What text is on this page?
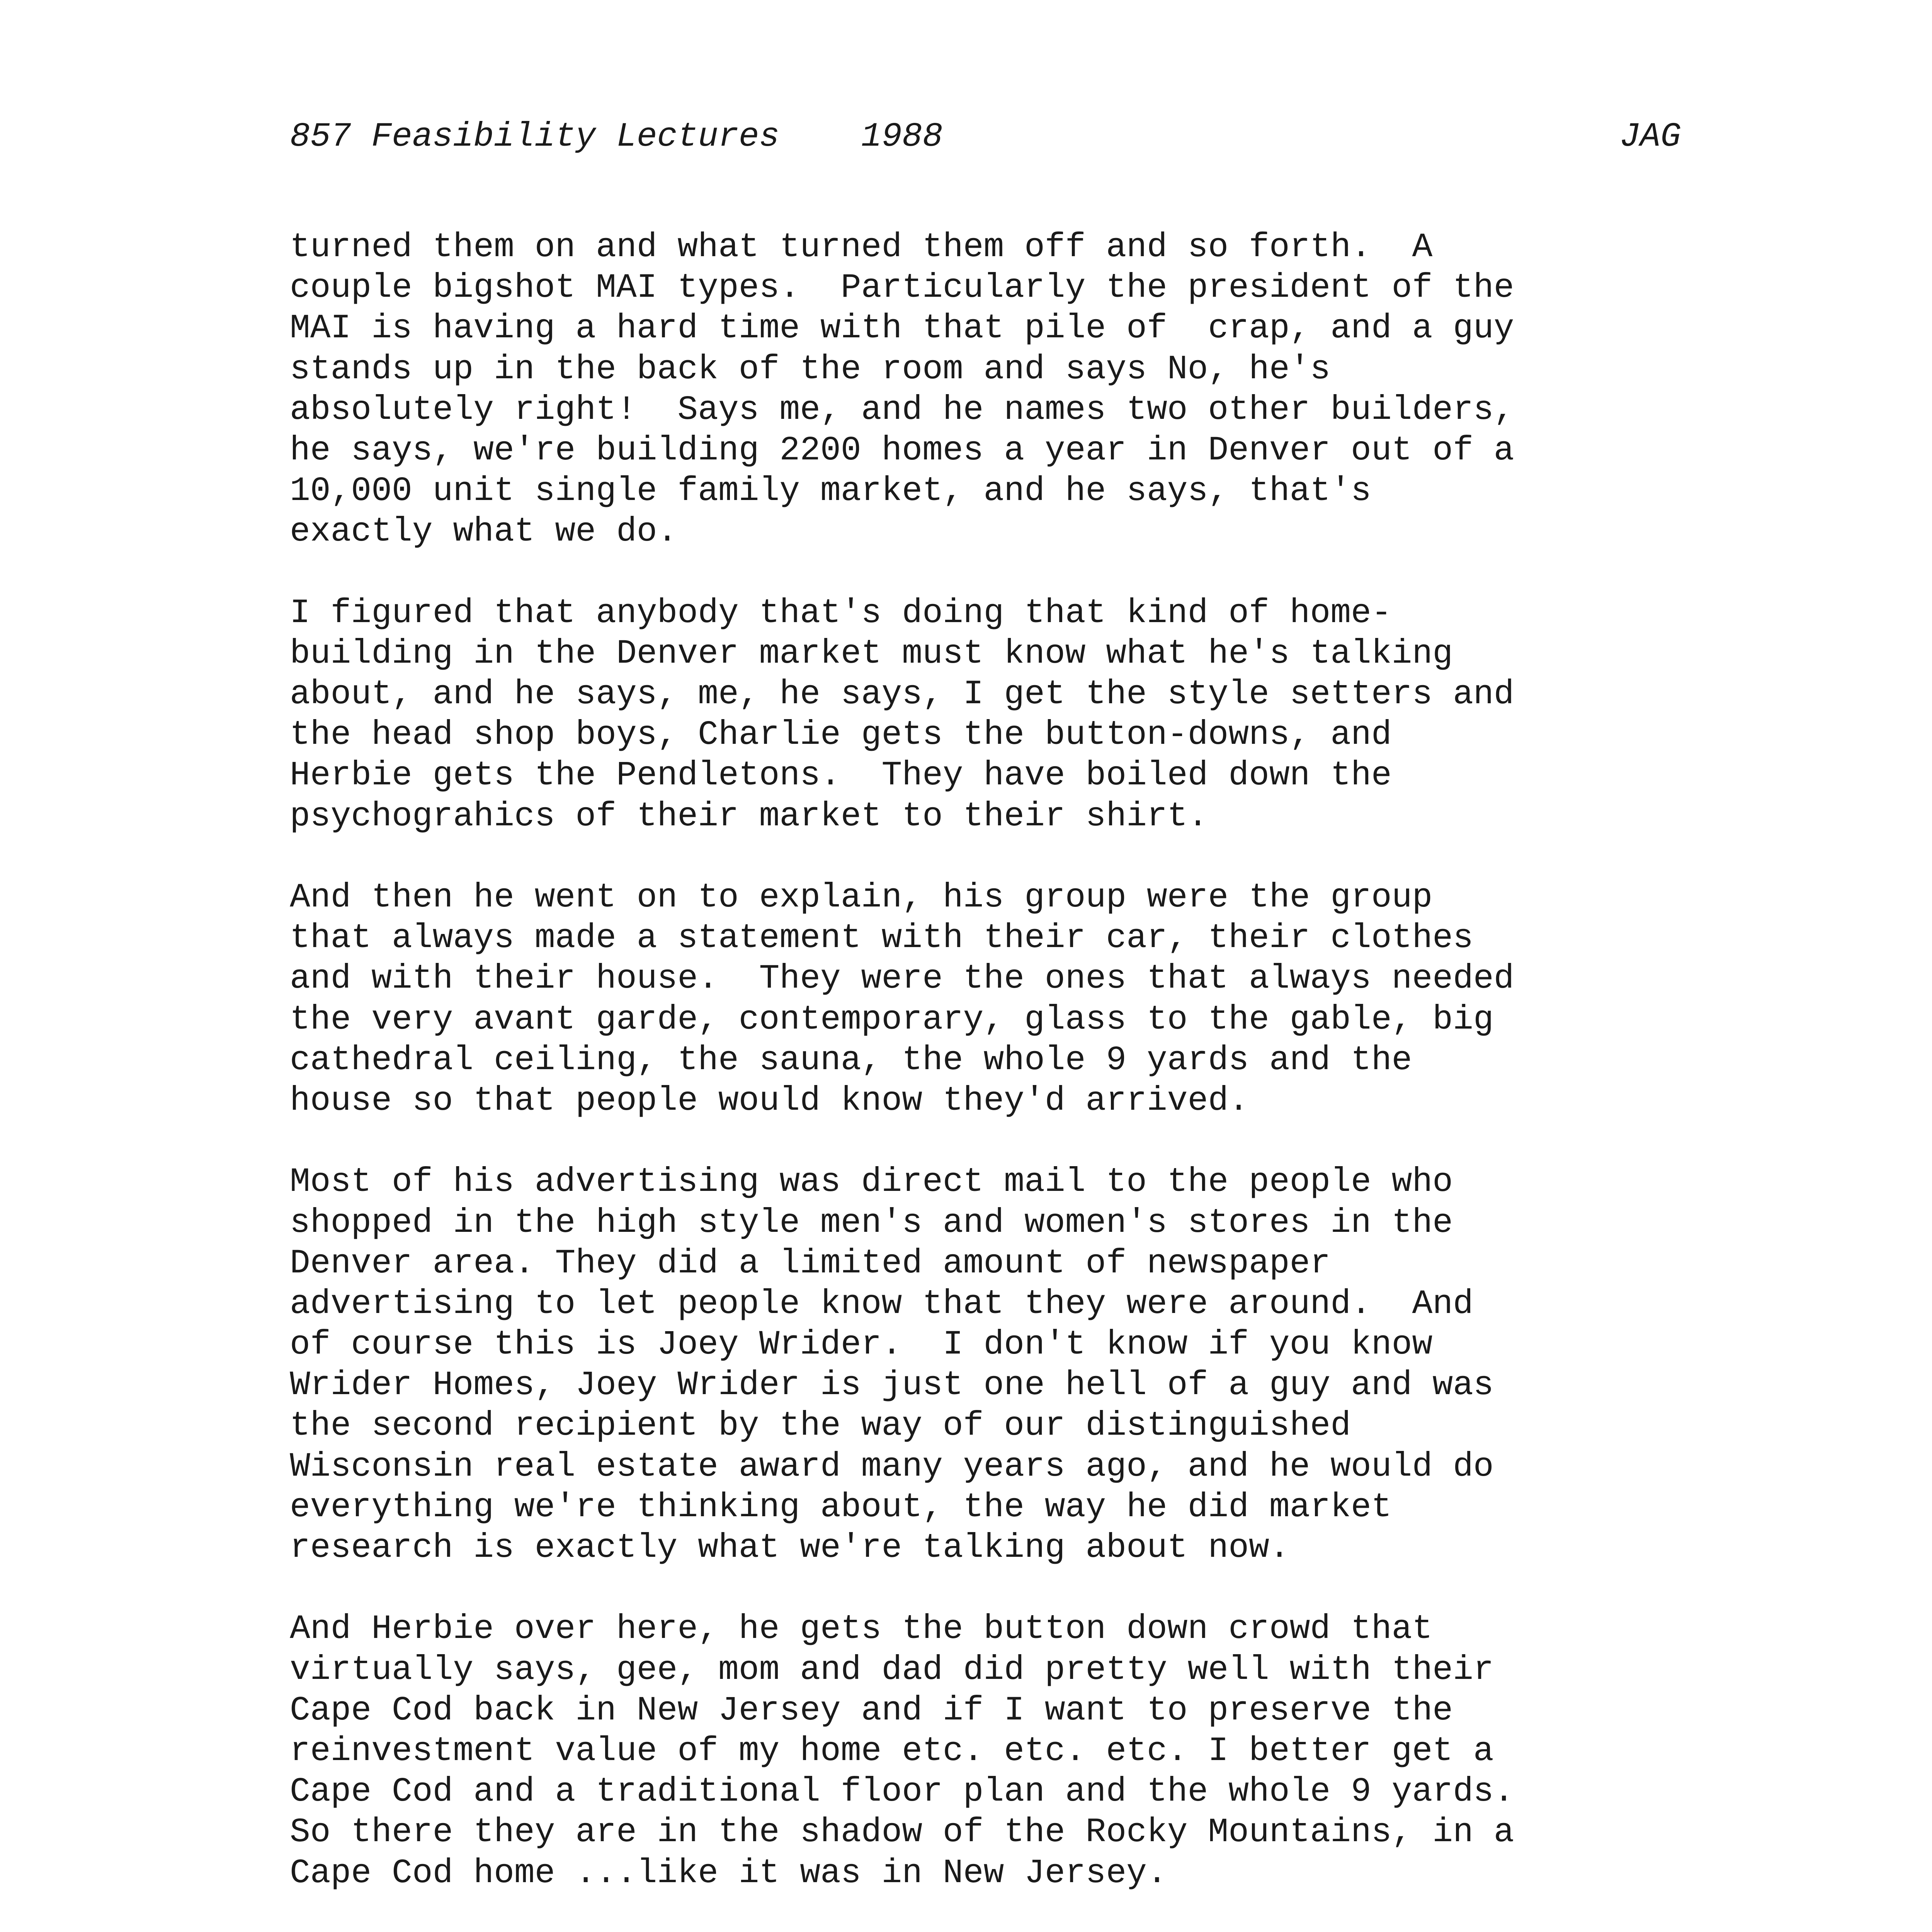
857 Feasibility Lectures 1988

	JAG

turned them on and what turned them off and so forth.  A
couple bigshot MAI types.  Particularly the president of the
MAI is having a hard time with that pile of  crap, and a guy
stands up in the back of the room and says No, he's
absolutely right!  Says me, and he names two other builders,
he says, we're building 2200 homes a year in Denver out of a
10,000 unit single family market, and he says, that's
exactly what we do.
I figured that anybody that's doing that kind of home-
building in the Denver market must know what he's talking
about, and he says, me, he says, I get the style setters and
the head shop boys, Charlie gets the button-downs, and
Herbie gets the Pendletons.  They have boiled down the
psychograhics of their market to their shirt.
And then he went on to explain, his group were the group
that always made a statement with their car, their clothes
and with their house.  They were the ones that always needed
the very avant garde, contemporary, glass to the gable, big
cathedral ceiling, the sauna, the whole 9 yards and the
house so that people would know they'd arrived.
Most of his advertising was direct mail to the people who
shopped in the high style men's and women's stores in the
Denver area. They did a limited amount of newspaper
advertising to let people know that they were around.  And
of course this is Joey Wrider.  I don't know if you know
Wrider Homes, Joey Wrider is just one hell of a guy and was
the second recipient by the way of our distinguished
Wisconsin real estate award many years ago, and he would do
everything we're thinking about, the way he did market
research is exactly what we're talking about now.
And Herbie over here, he gets the button down crowd that
virtually says, gee, mom and dad did pretty well with their
Cape Cod back in New Jersey and if I want to preserve the
reinvestment value of my home etc. etc. etc. I better get a
Cape Cod and a traditional floor plan and the whole 9 yards.
So there they are in the shadow of the Rocky Mountains, in a
Cape Cod home ...like it was in New Jersey.
